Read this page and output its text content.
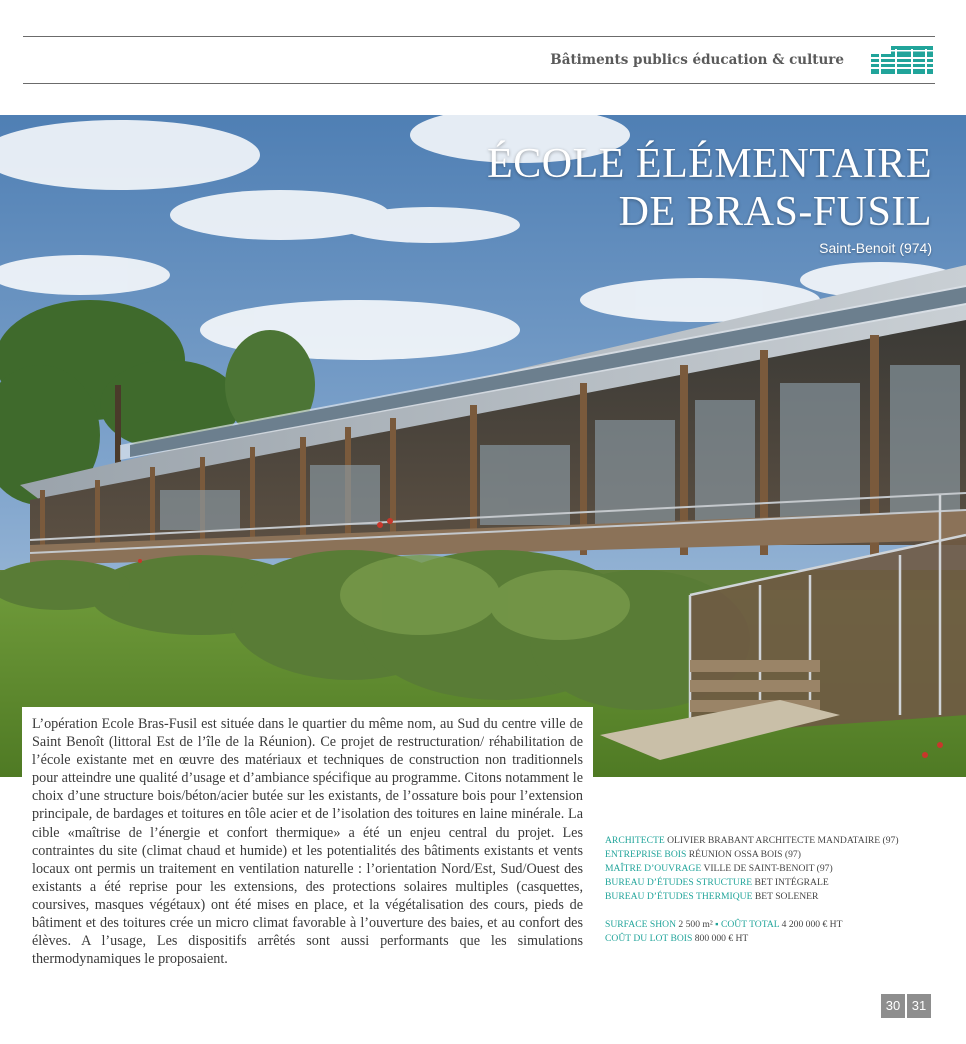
Bâtiments publics éducation & culture
ÉCOLE ÉLÉMENTAIRE
DE BRAS-FUSIL
Saint-Benoit (974)

L’opération Ecole Bras-Fusil est située dans le quartier du même nom, au Sud du centre ville de Saint Benoît (littoral Est de l’île de la Réunion). Ce projet de restructuration/ réhabilitation de l’école existante met en œuvre des matériaux et techniques de construction non traditionnels pour atteindre une qualité d’usage et d’ambiance spécifique au programme. Citons notamment le choix d’une structure bois/béton/acier butée sur les existants, de l’ossature bois pour l’extension principale, de bardages et toitures en tôle acier et de l’isolation des toitures en laine minérale. La cible «maîtrise de l’énergie et confort thermique» a été un enjeu central du projet. Les contraintes du site (climat chaud et humide) et les potentialités des bâtiments existants et vents locaux ont permis un traitement en ventilation naturelle : l’orientation Nord/Est, Sud/Ouest des existants a été reprise pour les extensions, des protections solaires multiples (casquettes, coursives, masques végétaux) ont été mises en place, et la végétalisation des cours, pieds de bâtiment et des toitures crée un micro climat favorable à l’ouverture des baies, et au confort des élèves. A l’usage, Les dispositifs arrêtés sont aussi performants que les simulations thermodynamiques le proposaient.

ARCHITECTE OLIVIER BRABANT ARCHITECTE MANDATAIRE (97)
ENTREPRISE BOIS RÉUNION OSSA BOIS (97)
MAÎTRE D’OUVRAGE VILLE DE SAINT-BENOIT (97)
BUREAU D’ÉTUDES STRUCTURE BET INTÉGRALE
BUREAU D’ÉTUDES THERMIQUE BET SOLENER
SURFACE SHON 2 500 m² ▪ COÛT TOTAL 4 200 000 € HT
COÛT DU LOT BOIS 800 000 € HT
30 31
